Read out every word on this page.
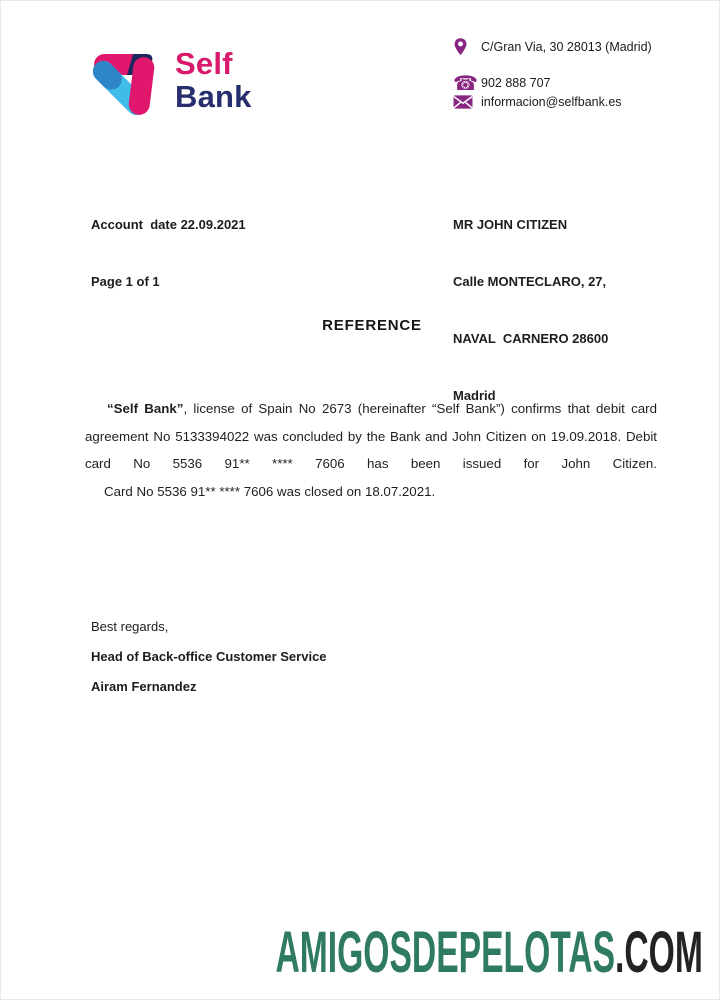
Self
Bank
C/Gran Via, 30 28013 (Madrid)
☎ 902 888 707
informacion@selfbank.es

Account  date 22.09.2021

Page 1 of 1

MR JOHN CITIZEN

Calle MONTECLARO, 27,

NAVAL  CARNERO 28600

Madrid

REFERENCE
“Self Bank”, license of Spain No 2673 (hereinafter “Self Bank”) confirms that debit card
agreement No 5133394022 was concluded by the Bank and John Citizen on 19.09.2018. Debit
card No 5536 91** **** 7606 has been issued for John Citizen.
Card No 5536 91** **** 7606 was closed on 18.07.2021.
Best regards,
Head of Back-office Customer Service
Airam Fernandez
AMIGOSDEPELOTAS.COM
